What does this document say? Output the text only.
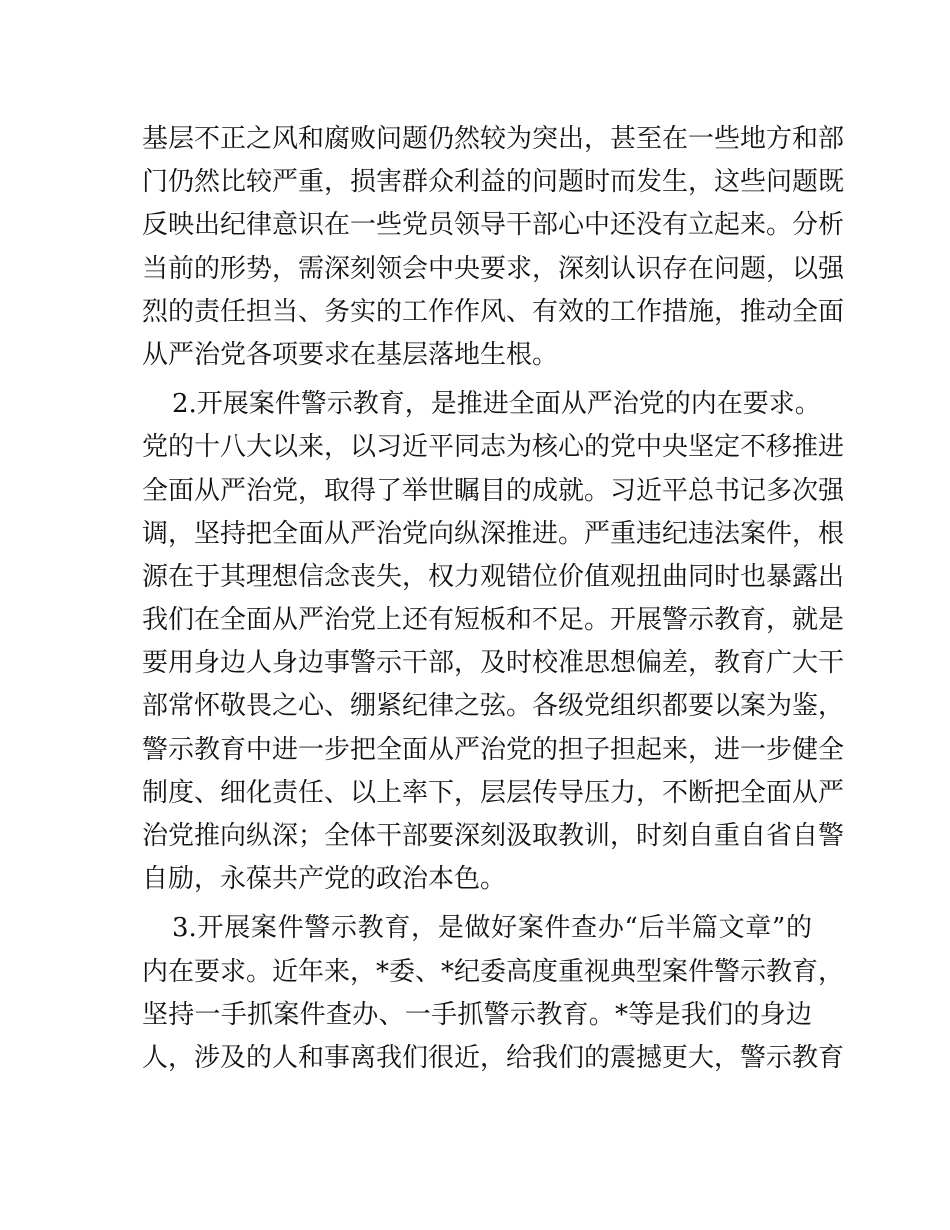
基层不正之风和腐败问题仍然较为突出，甚至在一些地方和部
门仍然比较严重，损害群众利益的问题时而发生，这些问题既
反映出纪律意识在一些党员领导干部心中还没有立起来。分析
当前的形势，需深刻领会中央要求，深刻认识存在问题，以强
烈的责任担当、务实的工作作风、有效的工作措施，推动全面
从严治党各项要求在基层落地生根。
2.开展案件警示教育，是推进全面从严治党的内在要求。
党的十八大以来，以习近平同志为核心的党中央坚定不移推进
全面从严治党，取得了举世瞩目的成就。习近平总书记多次强
调，坚持把全面从严治党向纵深推进。严重违纪违法案件，根
源在于其理想信念丧失，权力观错位价值观扭曲同时也暴露出
我们在全面从严治党上还有短板和不足。开展警示教育，就是
要用身边人身边事警示干部，及时校准思想偏差，教育广大干
部常怀敬畏之心、绷紧纪律之弦。各级党组织都要以案为鉴，
警示教育中进一步把全面从严治党的担子担起来，进一步健全
制度、细化责任、以上率下，层层传导压力，不断把全面从严
治党推向纵深；全体干部要深刻汲取教训，时刻自重自省自警
自励，永葆共产党的政治本色。
3.开展案件警示教育，是做好案件查办“后半篇文章”的
内在要求。近年来，*委、*纪委高度重视典型案件警示教育，
坚持一手抓案件查办、一手抓警示教育。*等是我们的身边
人，涉及的人和事离我们很近，给我们的震撼更大，警示教育
